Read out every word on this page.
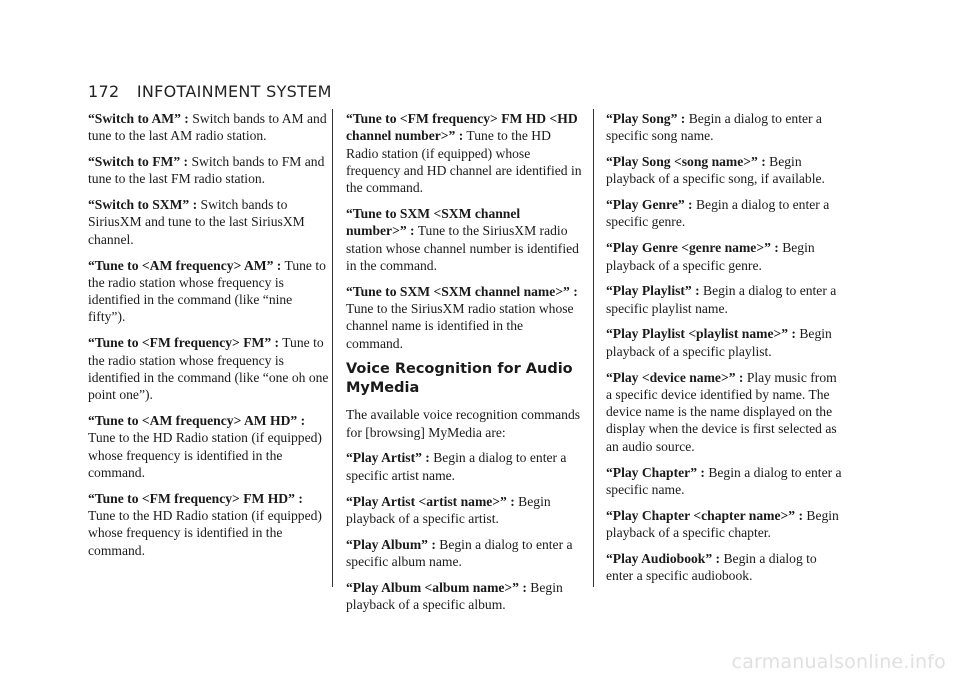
172 INFOTAINMENT SYSTEM

“Switch to AM” : Switch bands to AM and tune to the last AM radio station.

“Switch to FM” : Switch bands to FM and tune to the last FM radio station.

“Switch to SXM” : Switch bands to SiriusXM and tune to the last SiriusXM channel.

“Tune to <AM frequency> AM” : Tune to the radio station whose frequency is identified in the command (like “nine fifty”).

“Tune to <FM frequency> FM” : Tune to the radio station whose frequency is identified in the command (like “one oh one point one”).

“Tune to <AM frequency> AM HD” : Tune to the HD Radio station (if equipped) whose frequency is identified in the command.

“Tune to <FM frequency> FM HD” : Tune to the HD Radio station (if equipped) whose frequency is identified in the command.

“Tune to <FM frequency> FM HD <HD channel number>” : Tune to the HD Radio station (if equipped) whose frequency and HD channel are identified in the command.

“Tune to SXM <SXM channel number>” : Tune to the SiriusXM radio station whose channel number is identified in the command.

“Tune to SXM <SXM channel name>” : Tune to the SiriusXM radio station whose channel name is identified in the command.

Voice Recognition for Audio MyMedia

The available voice recognition commands for [browsing] MyMedia are:

“Play Artist” : Begin a dialog to enter a specific artist name.

“Play Artist <artist name>” : Begin playback of a specific artist.

“Play Album” : Begin a dialog to enter a specific album name.

“Play Album <album name>” : Begin playback of a specific album.

“Play Song” : Begin a dialog to enter a specific song name.

“Play Song <song name>” : Begin playback of a specific song, if available.

“Play Genre” : Begin a dialog to enter a specific genre.

“Play Genre <genre name>” : Begin playback of a specific genre.

“Play Playlist” : Begin a dialog to enter a specific playlist name.

“Play Playlist <playlist name>” : Begin playback of a specific playlist.

“Play <device name>” : Play music from a specific device identified by name. The device name is the name displayed on the display when the device is first selected as an audio source.

“Play Chapter” : Begin a dialog to enter a specific name.

“Play Chapter <chapter name>” : Begin playback of a specific chapter.

“Play Audiobook” : Begin a dialog to enter a specific audiobook.

carmanualsonline.info
